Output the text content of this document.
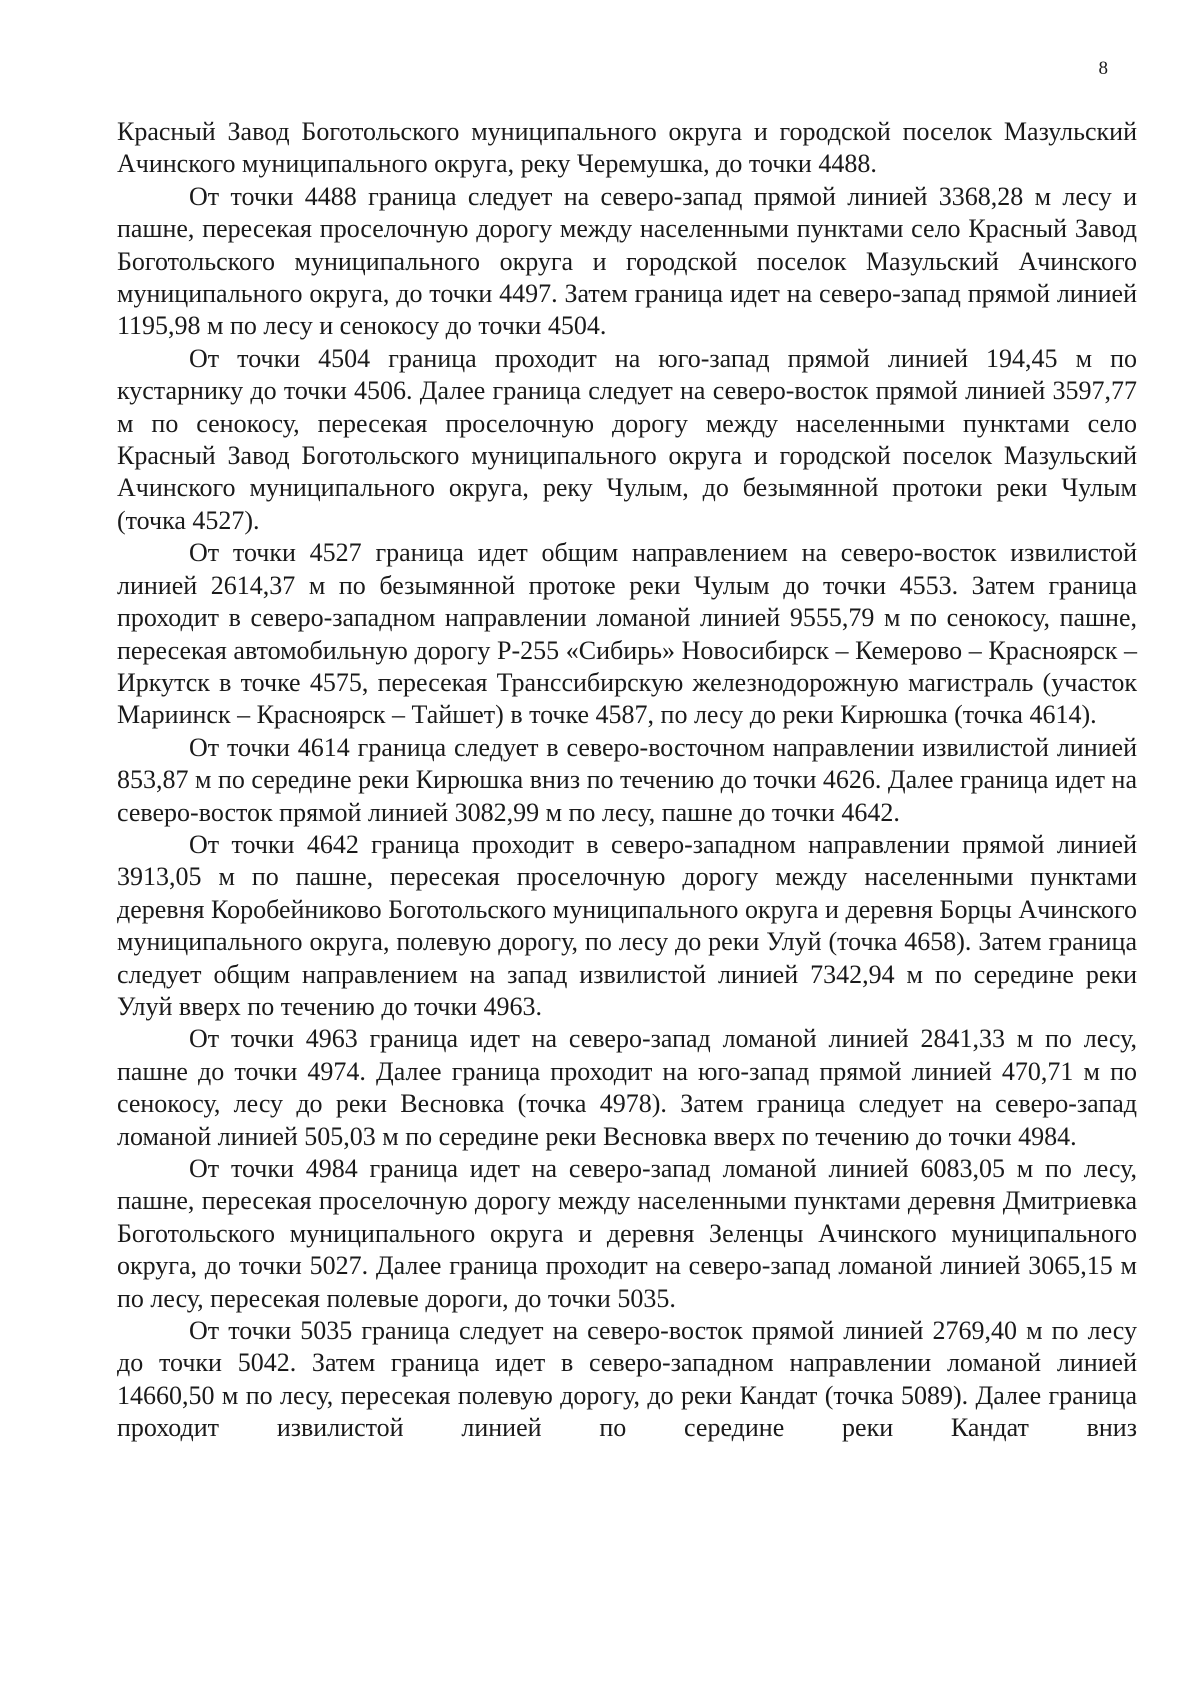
8

Красный Завод Боготольского муниципального округа и городской поселок Мазульский Ачинского муниципального округа, реку Черемушка, до точки 4488.

От точки 4488 граница следует на северо-запад прямой линией 3368,28 м лесу и пашне, пересекая проселочную дорогу между населенными пунктами село Красный Завод Боготольского муниципального округа и городской поселок Мазульский Ачинского муниципального округа, до точки 4497. Затем граница идет на северо-запад прямой линией 1195,98 м по лесу и сенокосу до точки 4504.

От точки 4504 граница проходит на юго-запад прямой линией 194,45 м по кустарнику до точки 4506. Далее граница следует на северо-восток прямой линией 3597,77 м по сенокосу, пересекая проселочную дорогу между населенными пунктами село Красный Завод Боготольского муниципального округа и городской поселок Мазульский Ачинского муниципального округа, реку Чулым, до безымянной протоки реки Чулым (точка 4527).

От точки 4527 граница идет общим направлением на северо-восток извилистой линией 2614,37 м по безымянной протоке реки Чулым до точки 4553. Затем граница проходит в северо-западном направлении ломаной линией 9555,79 м по сенокосу, пашне, пересекая автомобильную дорогу Р-255 «Сибирь» Новосибирск – Кемерово – Красноярск – Иркутск в точке 4575, пересекая Транссибирскую железнодорожную магистраль (участок Мариинск – Красноярск – Тайшет) в точке 4587, по лесу до реки Кирюшка (точка 4614).

От точки 4614 граница следует в северо-восточном направлении извилистой линией 853,87 м по середине реки Кирюшка вниз по течению до точки 4626. Далее граница идет на северо-восток прямой линией 3082,99 м по лесу, пашне до точки 4642.

От точки 4642 граница проходит в северо-западном направлении прямой линией 3913,05 м по пашне, пересекая проселочную дорогу между населенными пунктами деревня Коробейниково Боготольского муниципального округа и деревня Борцы Ачинского муниципального округа, полевую дорогу, по лесу до реки Улуй (точка 4658). Затем граница следует общим направлением на запад извилистой линией 7342,94 м по середине реки Улуй вверх по течению до точки 4963.

От точки 4963 граница идет на северо-запад ломаной линией 2841,33 м по лесу, пашне до точки 4974. Далее граница проходит на юго-запад прямой линией 470,71 м по сенокосу, лесу до реки Весновка (точка 4978). Затем граница следует на северо-запад ломаной линией 505,03 м по середине реки Весновка вверх по течению до точки 4984.

От точки 4984 граница идет на северо-запад ломаной линией 6083,05 м по лесу, пашне, пересекая проселочную дорогу между населенными пунктами деревня Дмитриевка Боготольского муниципального округа и деревня Зеленцы Ачинского муниципального округа, до точки 5027. Далее граница проходит на северо-запад ломаной линией 3065,15 м по лесу, пересекая полевые дороги, до точки 5035.

От точки 5035 граница следует на северо-восток прямой линией 2769,40 м по лесу до точки 5042. Затем граница идет в северо-западном направлении ломаной линией 14660,50 м по лесу, пересекая полевую дорогу, до реки Кандат (точка 5089). Далее граница проходит извилистой линией по середине реки Кандат вниз
